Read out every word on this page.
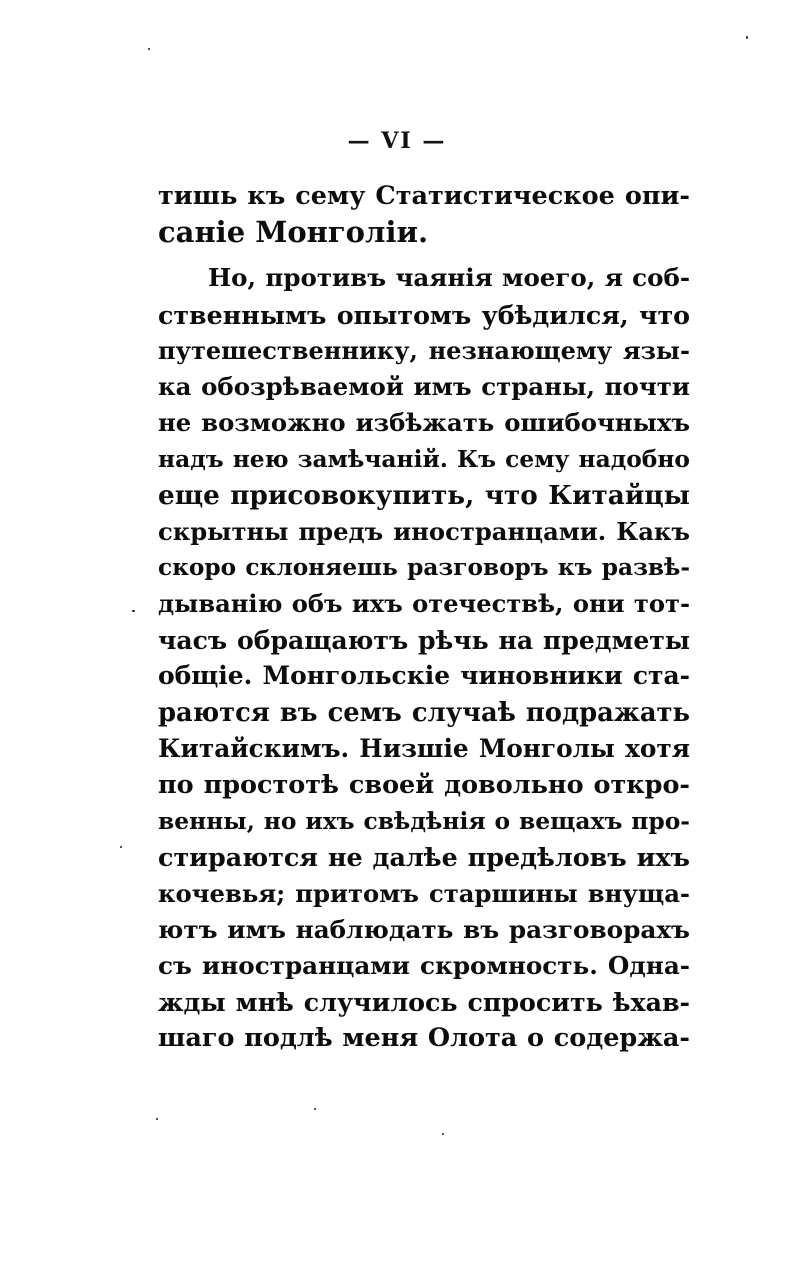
— VI —
тишь къ сему Статистическое опи-
саніе Монголіи.
Но, противъ чаянія моего, я соб-
ственнымъ опытомъ убѣдился, что
путешественнику, незнающему язы-
ка обозрѣваемой имъ страны, почти
не возможно избѣжать ошибочныхъ
надъ нею замѣчаній. Къ сему надобно
еще присовокупить, что Китайцы
скрытны предъ иностранцами. Какъ
скоро склоняешь разговоръ къ развѣ-
дыванію объ ихъ отечествѣ, они тот-
часъ обращаютъ рѣчь на предметы
общіе. Монгольскіе чиновники ста-
раются въ семъ случаѣ подражать
Китайскимъ. Низшіе Монголы хотя
по простотѣ своей довольно откро-
венны, но ихъ свѣдѣнія о вещахъ про-
стираются не далѣе предѣловъ ихъ
кочевья; притомъ старшины внуща-
ютъ имъ наблюдать въ разговорахъ
съ иностранцами скромность. Одна-
жды мнѣ случилось спросить ѣхав-
шаго подлѣ меня Олота о содержа-
